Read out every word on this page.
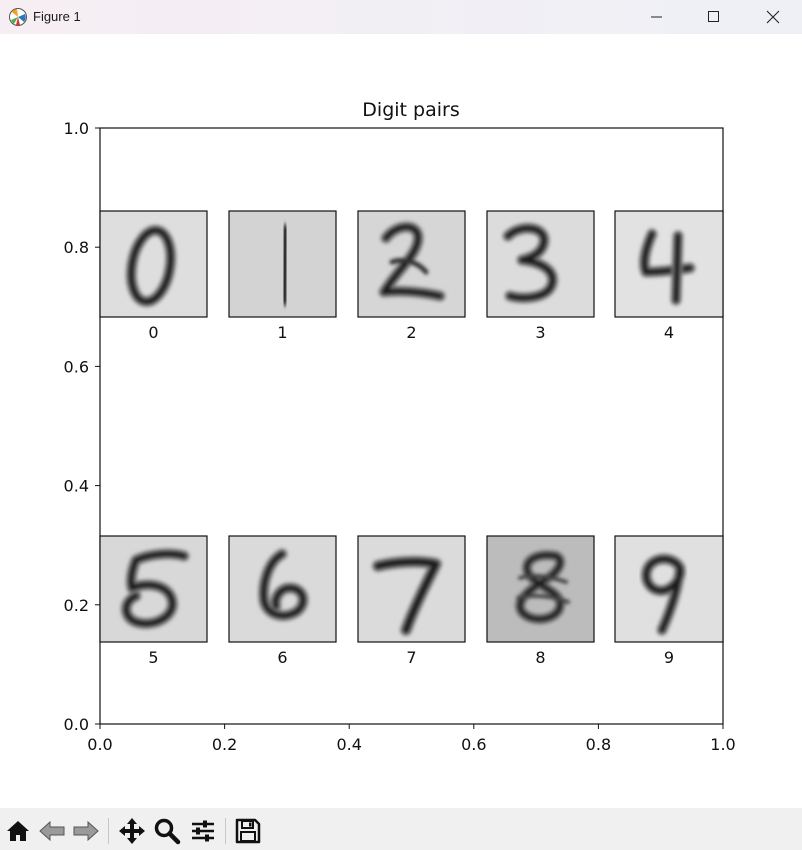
Figure 1
Digit pairs
0.0	0.2	0.4	0.6	0.8	1.0
0.0
0.2
0.4
0.6
0.8
1.0
0	1	2	3	4
5	6	7	8	9
